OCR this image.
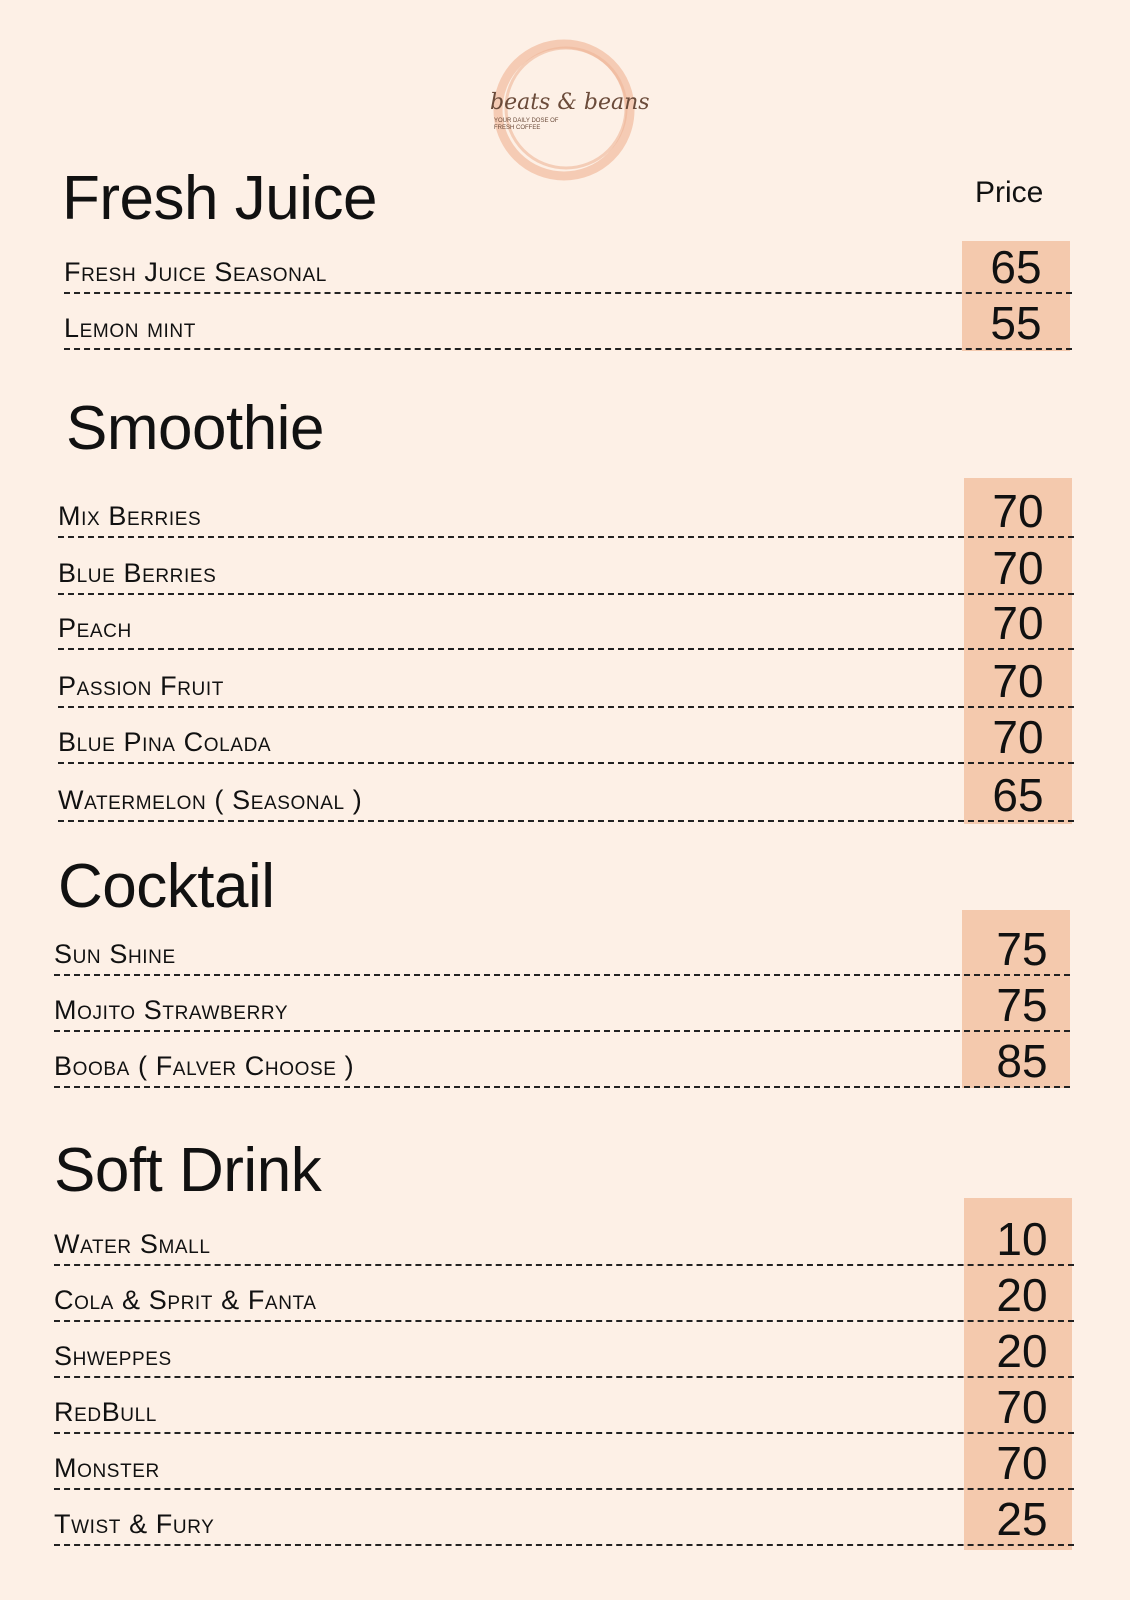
beats & beans
YOUR DAILY DOSE OF FRESH COFFEE
Price
Fresh Juice
Fresh Juice Seasonal	65
Lemon mint	55
Smoothie
Mix Berries	70
Blue Berries	70
Peach	70
Passion Fruit	70
Blue Pina Colada	70
Watermelon ( Seasonal )	65
Cocktail
Sun Shine	75
Mojito Strawberry	75
Booba ( Falver Choose )	85
Soft Drink
Water Small	10
Cola & Sprit & Fanta	20
Shweppes	20
RedBull	70
Monster	70
Twist & Fury	25
